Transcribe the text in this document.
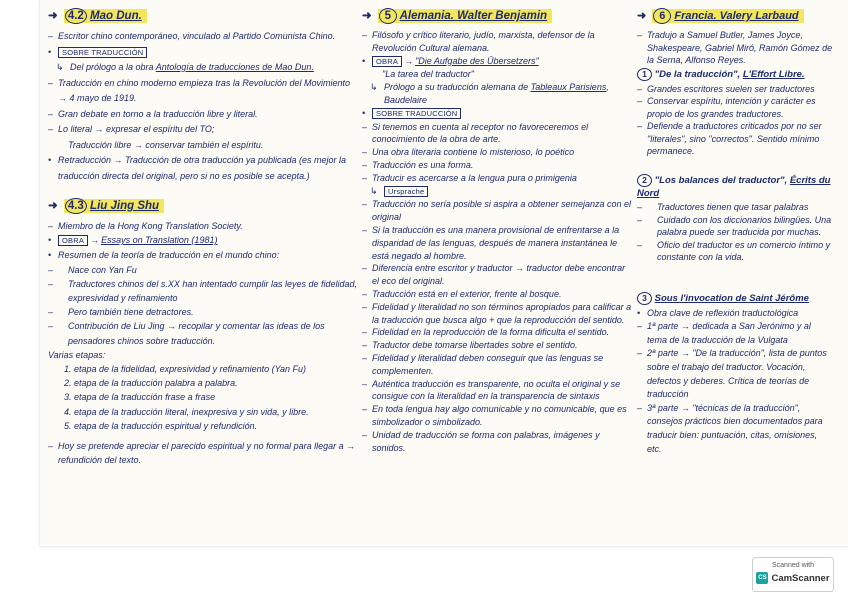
➜ 4.2 Mao Dun.

– Escritor chino contemporáneo, vinculado al Partido Comunista Chino.

• SOBRE TRADUCCIÓN

↳ Del prólogo a la obra Antología de traducciones de Mao Dun.

– Traducción en chino moderno empieza tras la Revolución del Movimiento → 4 mayo de 1919.

– Gran debate en torno a la traducción libre y literal.

– Lo literal → expresar el espíritu del TO;

Traducción libre → conservar también el espíritu.

• Retraducción → Traducción de otra traducción ya publicada (es mejor la traducción directa del original, pero si no es posible se acepta.)

➜ 4.3 Liu Jing Shu

– Miembro de la Hong Kong Translation Society.

• OBRA → Essays on Translation (1981)

• Resumen de la teoría de traducción en el mundo chino:

– Nace con Yan Fu

– Traductores chinos del s.XX han intentado cumplir las leyes de fidelidad, expresividad y refinamiento

– Pero también tiene detractores.

– Contribución de Liu Jing → recopilar y comentar las ideas de los pensadores chinos sobre traducción.

Varias etapas:

1. etapa de la fidelidad, expresividad y refinamiento (Yan Fu)

2. etapa de la traducción palabra a palabra.

3. etapa de la traducción frase a frase

4. etapa de la traducción literal, inexpresiva y sin vida, y libre.

5. etapa de la traducción espiritual y refundición.

– Hoy se pretende apreciar el parecido espiritual y no formal para llegar a → refundición del texto.

➜ 5 Alemania. Walter Benjamin

– Filósofo y crítico literario, judío, marxista, defensor de la Revolución Cultural alemana.

• OBRA → "Die Aufgabe des Übersetzers"

"La tarea del traductor"

↳ Prólogo a su traducción alemana de Tableaux Parisiens, Baudelaire

• SOBRE TRADUCCIÓN

– Si tenemos en cuenta al receptor no favoreceremos el conocimiento de la obra de arte.

– Una obra literaria contiene lo misterioso, lo poético

– Traducción es una forma.

– Traducir es acercarse a la lengua pura o primigenia

↳ Ursprache

– Traducción no sería posible si aspira a obtener semejanza con el original

– Si la traducción es una manera provisional de enfrentarse a la disparidad de las lenguas, después de manera instantánea le está negado al hombre.

– Diferencia entre escritor y traductor → traductor debe encontrar el eco del original.

– Traducción está en el exterior, frente al bosque.

– Fidelidad y literalidad no son términos apropiados para calificar a la traducción que busca algo + que la reproducción del sentido.

– Fidelidad en la reproducción de la forma dificulta el sentido.

– Traductor debe tomarse libertades sobre el sentido.

– Fidelidad y literalidad deben conseguir que las lenguas se complementen.

– Auténtica traducción es transparente, no oculta el original y se consigue con la literalidad en la transparencia de sintaxis

– En toda lengua hay algo comunicable y no comunicable, que es simbolizador o simbolizado.

– Unidad de traducción se forma con palabras, imágenes y sonidos.

➜ 6 Francia. Valery Larbaud

– Tradujo a Samuel Butler, James Joyce, Shakespeare, Gabriel Miró, Ramón Gómez de la Serna, Alfonso Reyes.

1 "De la traducción", L'Effort Libre.

– Grandes escritores suelen ser traductores

– Conservar espíritu, intención y carácter es propio de los grandes traductores.

– Defiende a traductores criticados por no ser "literales", sino "correctos". Sentido mínimo permanece.

2 "Los balances del traductor", Écrits du Nord

– Traductores tienen que tasar palabras

– Cuidado con los diccionarios bilingües. Una palabra puede ser traducida por muchas.

– Oficio del traductor es un comercio íntimo y constante con la vida.

3 Sous l'invocation de Saint Jérôme

• Obra clave de reflexión traductológica

– 1ª parte → dedicada a San Jerónimo y al tema de la traducción de la Vulgata

– 2ª parte → "De la traducción", lista de puntos sobre el trabajo del traductor. Vocación, defectos y deberes. Crítica de teorías de traducción

– 3ª parte → "técnicas de la traducción", consejos prácticos bien documentados para traducir bien: puntuación, citas, omisiones, etc.

Scanned with
CS CamScanner
